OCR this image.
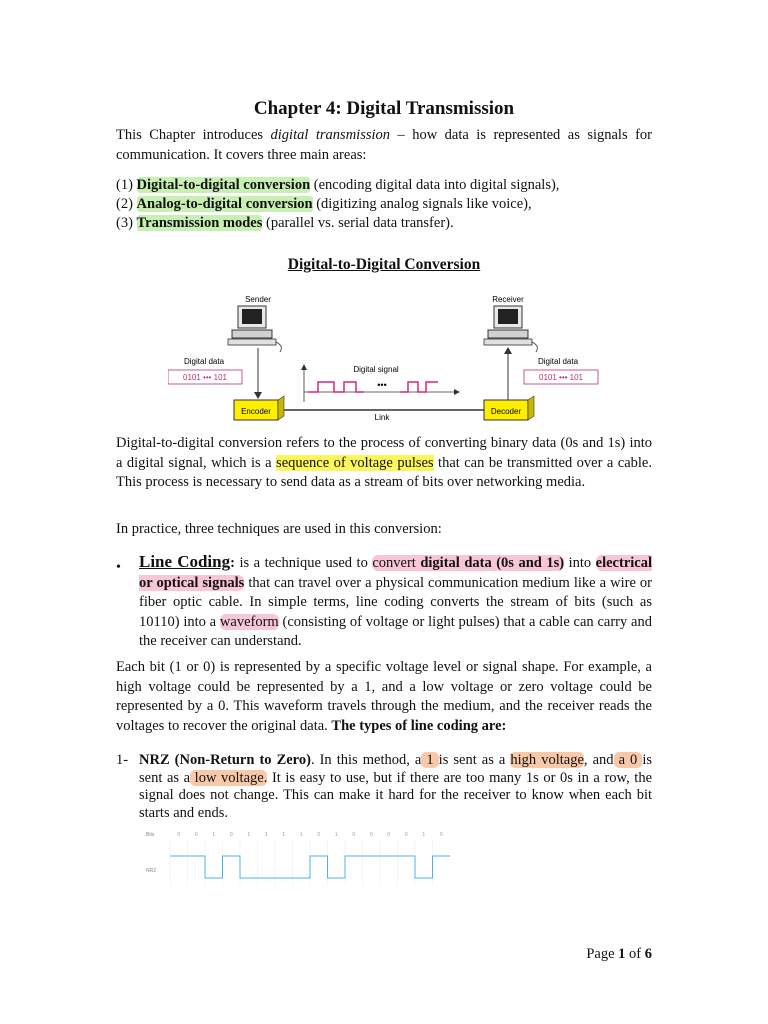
Chapter 4: Digital Transmission

This Chapter introduces digital transmission – how data is represented as signals for communication. It covers three main areas:

(1) Digital-to-digital conversion (encoding digital data into digital signals),

(2) Analog-to-digital conversion (digitizing analog signals like voice),

(3) Transmission modes (parallel vs. serial data transfer).

Digital-to-Digital Conversion

Sender	Receiver
Digital data
0101 ••• 101
Digital data
0101 ••• 101
Encoder	Decoder
Link
Digital signal
•••

Digital-to-digital conversion refers to the process of converting binary data (0s and 1s) into a digital signal, which is a sequence of voltage pulses that can be transmitted over a cable. This process is necessary to send data as a stream of bits over networking media.

In practice, three techniques are used in this conversion:

• Line Coding: is a technique used to convert digital data (0s and 1s) into electrical or optical signals that can travel over a physical communication medium like a wire or fiber optic cable. In simple terms, line coding converts the stream of bits (such as 10110) into a waveform (consisting of voltage or light pulses) that a cable can carry and the receiver can understand.

Each bit (1 or 0) is represented by a specific voltage level or signal shape. For example, a high voltage could be represented by a 1, and a low voltage or zero voltage could be represented by a 0. This waveform travels through the medium, and the receiver reads the voltages to recover the original data. The types of line coding are:

1- NRZ (Non-Return to Zero). In this method, a 1 is sent as a high voltage, and a 0 is sent as a low voltage. It is easy to use, but if there are too many 1s or 0s in a row, the signal does not change. This can make it hard for the receiver to know when each bit starts and ends.

Bits
NRZ
0	0	1	0	1	1	1	1	0	1	0	0	0	0	1	0
Page 1 of 6
